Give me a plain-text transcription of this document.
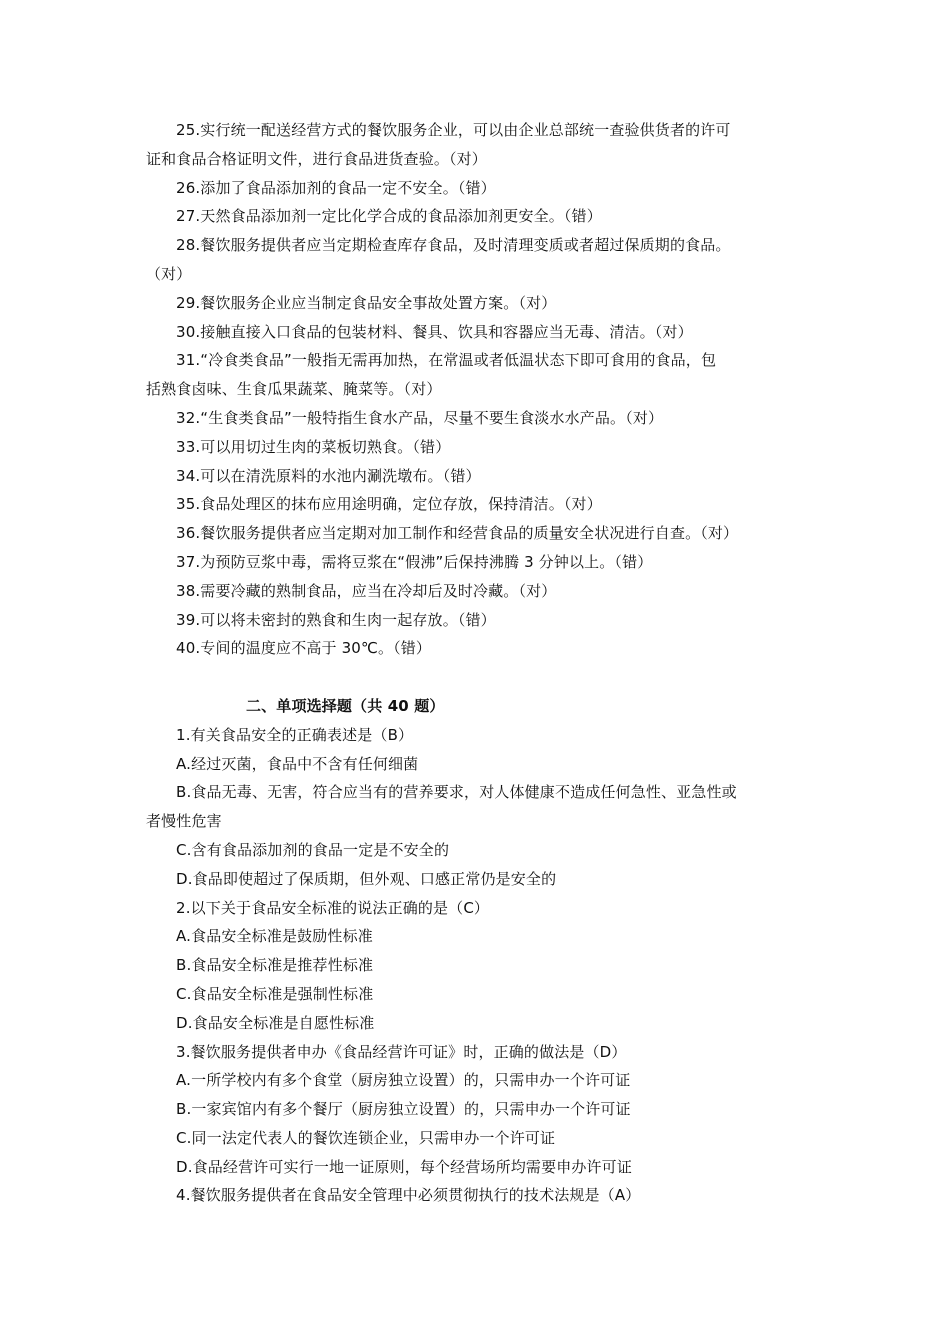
25.实行统一配送经营方式的餐饮服务企业，可以由企业总部统一查验供货者的许可
证和食品合格证明文件，进行食品进货查验。（对）
26.添加了食品添加剂的食品一定不安全。（错）
27.天然食品添加剂一定比化学合成的食品添加剂更安全。（错）
28.餐饮服务提供者应当定期检查库存食品，及时清理变质或者超过保质期的食品。
（对）
29.餐饮服务企业应当制定食品安全事故处置方案。（对）
30.接触直接入口食品的包装材料、餐具、饮具和容器应当无毒、清洁。（对）
31.“冷食类食品”一般指无需再加热，在常温或者低温状态下即可食用的食品，包
括熟食卤味、生食瓜果蔬菜、腌菜等。（对）
32.“生食类食品”一般特指生食水产品，尽量不要生食淡水水产品。（对）
33.可以用切过生肉的菜板切熟食。（错）
34.可以在清洗原料的水池内涮洗墩布。（错）
35.食品处理区的抹布应用途明确，定位存放，保持清洁。（对）
36.餐饮服务提供者应当定期对加工制作和经营食品的质量安全状况进行自查。（对）
37.为预防豆浆中毒，需将豆浆在“假沸”后保持沸腾 3 分钟以上。（错）
38.需要冷藏的熟制食品，应当在冷却后及时冷藏。（对）
39.可以将未密封的熟食和生肉一起存放。（错）
40.专间的温度应不高于 30℃。（错）
二、单项选择题（共 40 题）
1.有关食品安全的正确表述是（B）
A.经过灭菌，食品中不含有任何细菌
B.食品无毒、无害，符合应当有的营养要求，对人体健康不造成任何急性、亚急性或
者慢性危害
C.含有食品添加剂的食品一定是不安全的
D.食品即使超过了保质期，但外观、口感正常仍是安全的
2.以下关于食品安全标准的说法正确的是（C）
A.食品安全标准是鼓励性标准
B.食品安全标准是推荐性标准
C.食品安全标准是强制性标准
D.食品安全标准是自愿性标准
3.餐饮服务提供者申办《食品经营许可证》时，正确的做法是（D）
A.一所学校内有多个食堂（厨房独立设置）的，只需申办一个许可证
B.一家宾馆内有多个餐厅（厨房独立设置）的，只需申办一个许可证
C.同一法定代表人的餐饮连锁企业，只需申办一个许可证
D.食品经营许可实行一地一证原则，每个经营场所均需要申办许可证
4.餐饮服务提供者在食品安全管理中必须贯彻执行的技术法规是（A）
